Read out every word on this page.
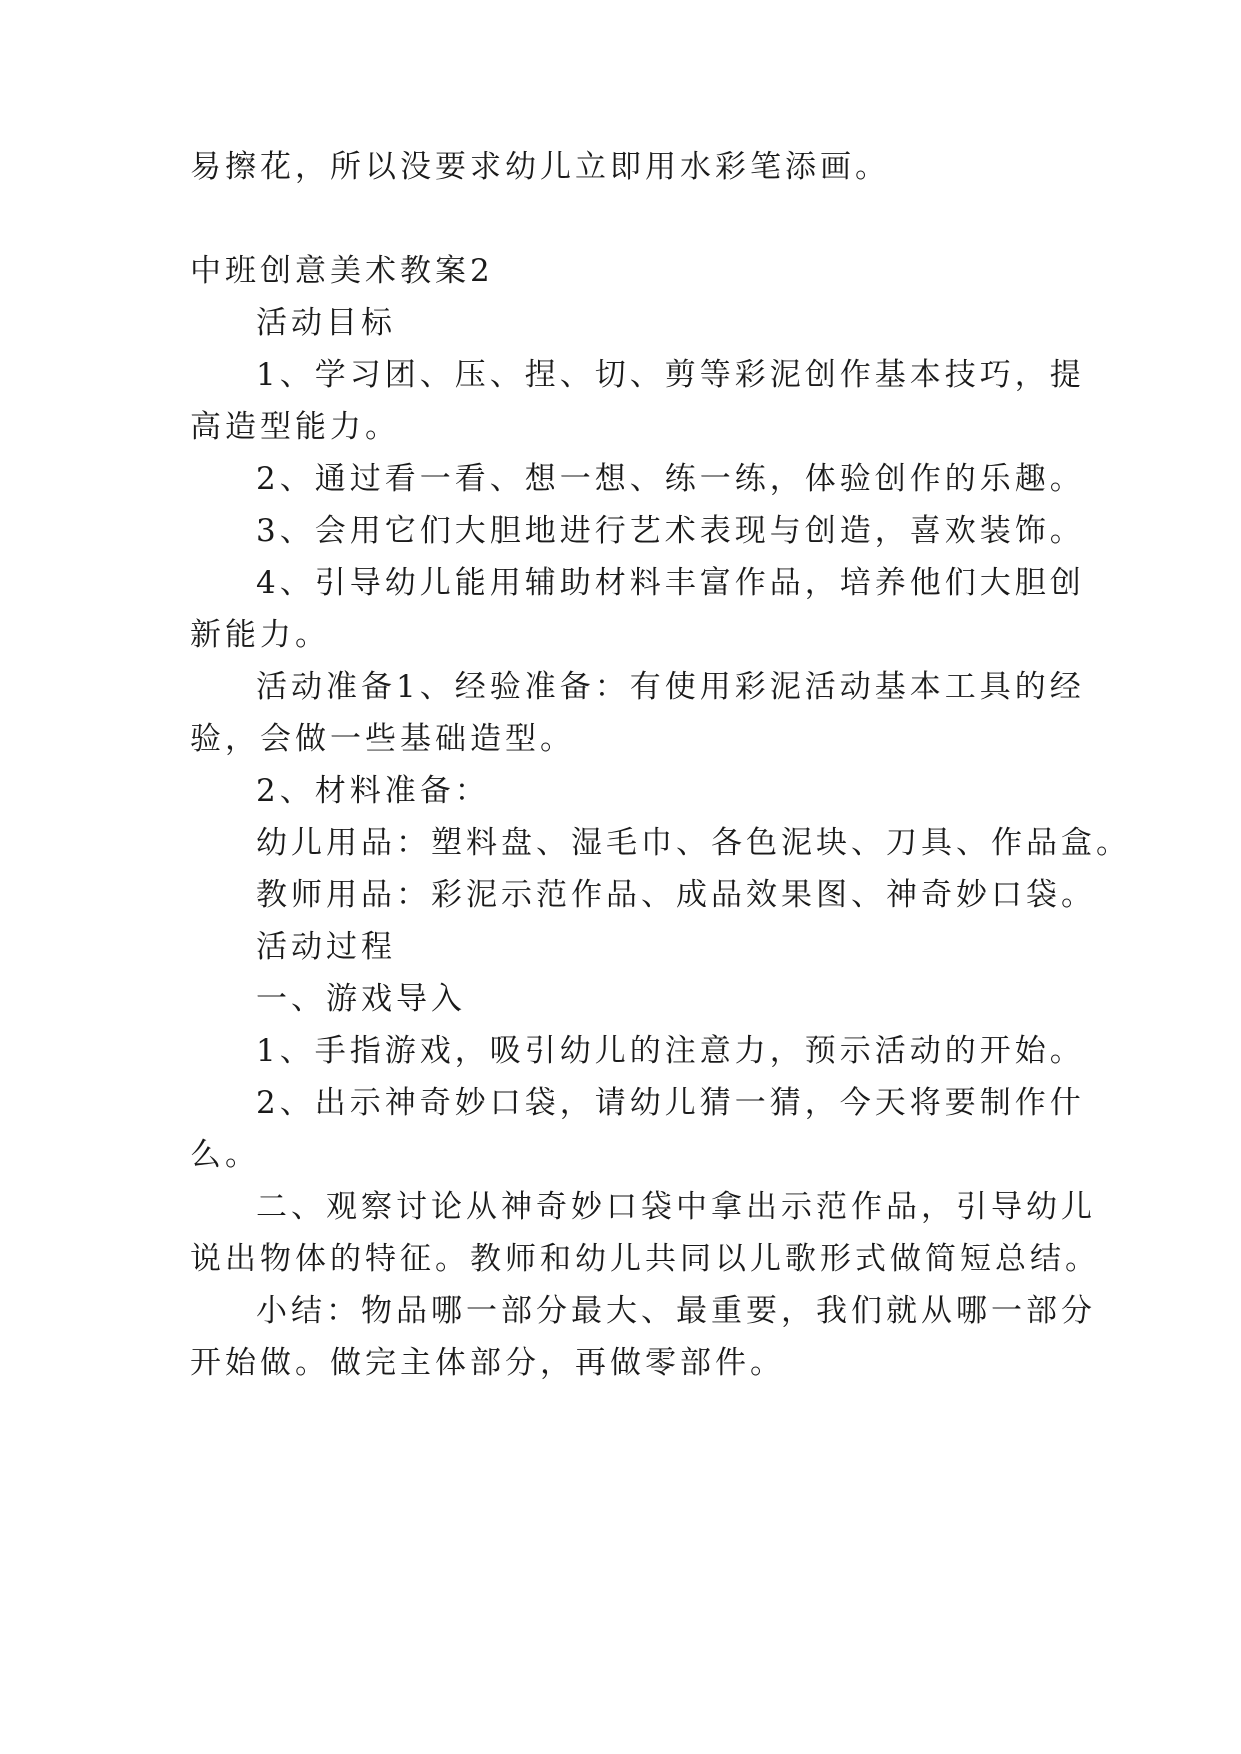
易擦花，所以没要求幼儿立即用水彩笔添画。
中班创意美术教案2
活动目标
1、学习团、压、捏、切、剪等彩泥创作基本技巧，提
高造型能力。
2、通过看一看、想一想、练一练，体验创作的乐趣。
3、会用它们大胆地进行艺术表现与创造，喜欢装饰。
4、引导幼儿能用辅助材料丰富作品，培养他们大胆创
新能力。
活动准备1、经验准备：有使用彩泥活动基本工具的经
验，会做一些基础造型。
2、材料准备：
幼儿用品：塑料盘、湿毛巾、各色泥块、刀具、作品盒。
教师用品：彩泥示范作品、成品效果图、神奇妙口袋。
活动过程
一、游戏导入
1、手指游戏，吸引幼儿的注意力，预示活动的开始。
2、出示神奇妙口袋，请幼儿猜一猜，今天将要制作什
么。
二、观察讨论从神奇妙口袋中拿出示范作品，引导幼儿
说出物体的特征。教师和幼儿共同以儿歌形式做简短总结。
小结：物品哪一部分最大、最重要，我们就从哪一部分
开始做。做完主体部分，再做零部件。
